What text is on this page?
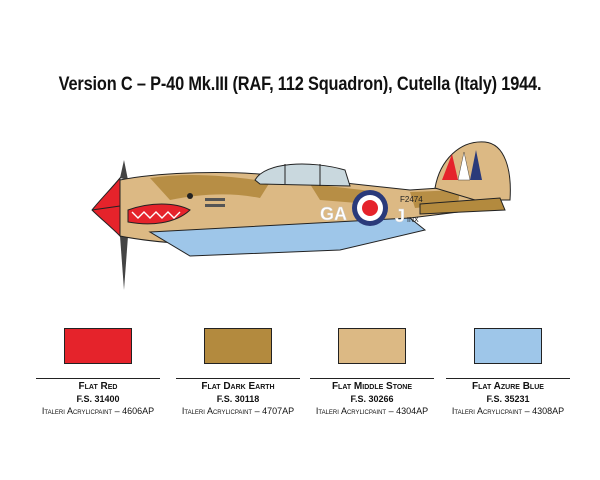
Version C – P-40 Mk.III (RAF, 112 Squadron), Cutella (Italy) 1944.
GA	J INX
F2474
Flat Red
F.S. 31400
Italeri Acrylicpaint – 4606AP
Flat Dark Earth
F.S. 30118
Italeri Acrylicpaint – 4707AP
Flat Middle Stone
F.S. 30266
Italeri Acrylicpaint – 4304AP
Flat Azure Blue
F.S. 35231
Italeri Acrylicpaint – 4308AP
